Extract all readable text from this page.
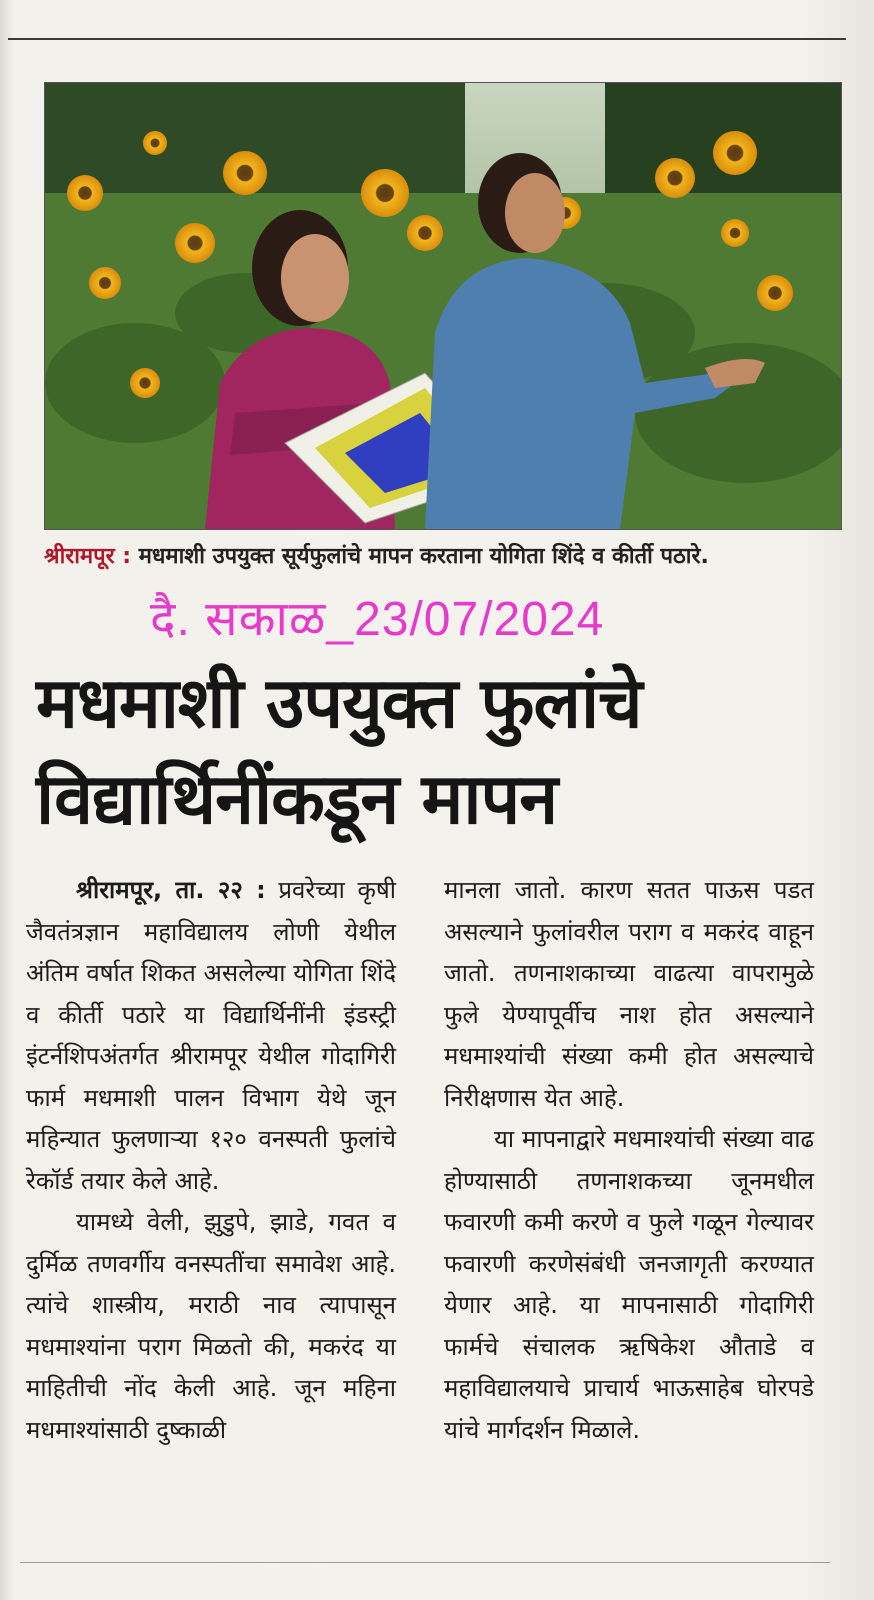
श्रीरामपूर : मधमाशी उपयुक्त सूर्यफुलांचे मापन करताना योगिता शिंदे व कीर्ती पठारे.
दै. सकाळ_23/07/2024
मधमाशी उपयुक्त फुलांचे
विद्यार्थिनींकडून मापन

श्रीरामपूर, ता. २२ : प्रवरेच्या कृषी जैवतंत्रज्ञान महाविद्यालय लोणी येथील अंतिम वर्षात शिकत असलेल्या योगिता शिंदे व कीर्ती पठारे या विद्यार्थिनींनी इंडस्ट्री इंटर्नशिपअंतर्गत श्रीरामपूर येथील गोदागिरी फार्म मधमाशी पालन विभाग येथे जून महिन्यात फुलणाऱ्या १२० वनस्पती फुलांचे रेकॉर्ड तयार केले आहे.

यामध्ये वेली, झुडुपे, झाडे, गवत व दुर्मिळ तणवर्गीय वनस्पतींचा समावेश आहे. त्यांचे शास्त्रीय, मराठी नाव त्यापासून मधमाश्यांना पराग मिळतो की, मकरंद या माहितीची नोंद केली आहे. जून महिना मधमाश्यांसाठी दुष्काळी

मानला जातो. कारण सतत पाऊस पडत असल्याने फुलांवरील पराग व मकरंद वाहून जातो. तणनाशकाच्या वाढत्या वापरामुळे फुले येण्यापूर्वीच नाश होत असल्याने मधमाश्यांची संख्या कमी होत असल्याचे निरीक्षणास येत आहे.

या मापनाद्वारे मधमाश्यांची संख्या वाढ होण्यासाठी तणनाशकच्या जूनमधील फवारणी कमी करणे व फुले गळून गेल्यावर फवारणी करणेसंबंधी जनजागृती करण्यात येणार आहे. या मापनासाठी गोदागिरी फार्मचे संचालक ऋषिकेश औताडे व महाविद्यालयाचे प्राचार्य भाऊसाहेब घोरपडे यांचे मार्गदर्शन मिळाले.
